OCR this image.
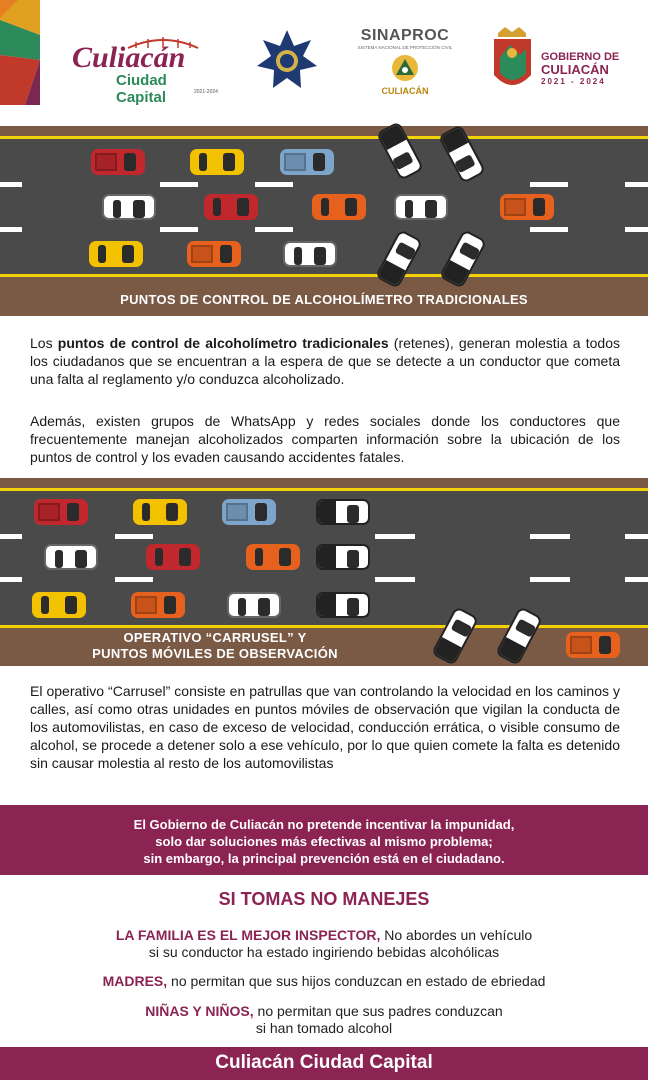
Culiacán
Ciudad Capital	2021-2024
SINAPROC
SISTEMA NACIONAL DE PROTECCIÓN CIVIL
CULIACÁN
GOBIERNO DE
CULIACÁN
2021 - 2024
PUNTOS DE CONTROL DE ALCOHOLÍMETRO TRADICIONALES
Los puntos de control de alcoholímetro tradicionales (retenes), generan molestia a todos los ciudadanos que se encuentran a la espera de que se detecte a un conductor que cometa una falta al reglamento y/o conduzca alcoholizado.
Además, existen grupos de WhatsApp y redes sociales donde los conductores que frecuentemente manejan alcoholizados comparten información sobre la ubicación de los puntos de control y los evaden causando accidentes fatales.
OPERATIVO “CARRUSEL” Y
PUNTOS MÓVILES DE OBSERVACIÓN
El operativo “Carrusel” consiste en patrullas que van controlando la velocidad en los caminos y calles, así como otras unidades en puntos móviles de observación que vigilan la conducta de los automovilistas, en caso de exceso de velocidad, conducción errática, o visible consumo de alcohol, se procede a detener solo a ese vehículo, por lo que quien comete la falta es detenido sin causar molestia al resto de los automovilistas
El Gobierno de Culiacán no pretende incentivar la impunidad,
solo dar soluciones más efectivas al mismo problema;
sin embargo, la principal prevención está en el ciudadano.
SI TOMAS NO MANEJES
LA FAMILIA ES EL MEJOR INSPECTOR, No abordes un vehículo
si su conductor ha estado ingiriendo bebidas alcohólicas
MADRES, no permitan que sus hijos conduzcan en estado de ebriedad
NIÑAS Y NIÑOS, no permitan que sus padres conduzcan
si han tomado alcohol
Culiacán Ciudad Capital
